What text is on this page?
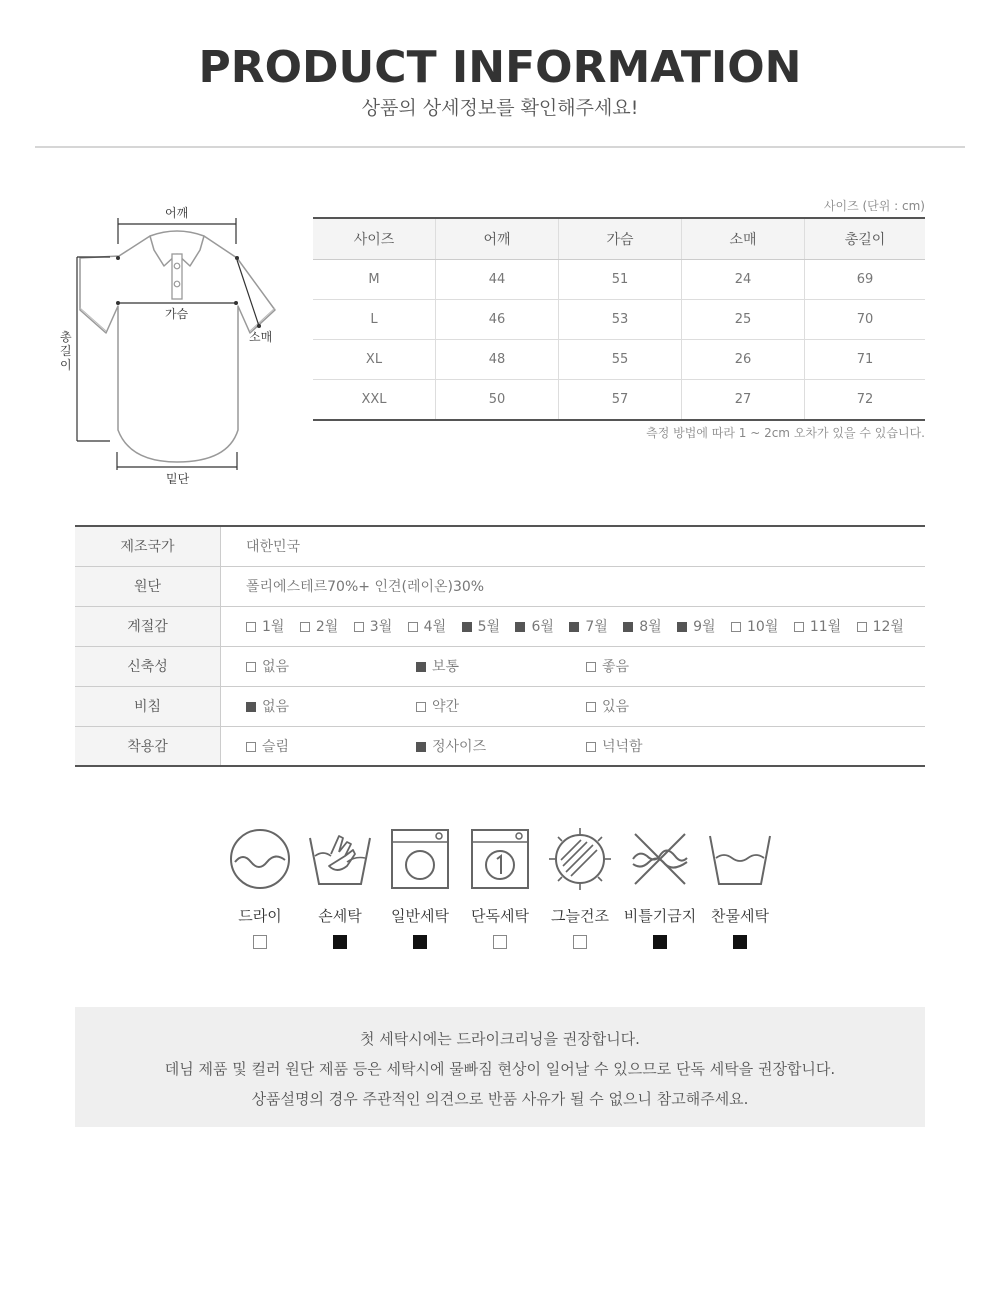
PRODUCT INFORMATION
상품의 상세정보를 확인해주세요!
어깨
가슴
소매
총길이
밑단
사이즈 (단위 : cm)
사이즈	어깨	가슴	소매	총길이
M	44	51	24	69
L	46	53	25	70
XL	48	55	26	71
XXL	50	57	27	72
측정 방법에 따라 1 ~ 2cm 오차가 있을 수 있습니다.
제조국가	대한민국
원단	폴리에스테르70%+ 인견(레이온)30%
계절감	1월 2월 3월 4월 5월 6월 7월 8월 9월 10월 11월 12월
신축성	없음 보통 좋음
비침	없음 약간 있음
착용감	슬림 정사이즈 넉넉함
드라이	손세탁	일반세탁	단독세탁	그늘건조 비틀기금지 찬물세탁
첫 세탁시에는 드라이크리닝을 권장합니다.
데님 제품 및 컬러 원단 제품 등은 세탁시에 물빠짐 현상이 일어날 수 있으므로 단독 세탁을 권장합니다.
상품설명의 경우 주관적인 의견으로 반품 사유가 될 수 없으니 참고해주세요.
